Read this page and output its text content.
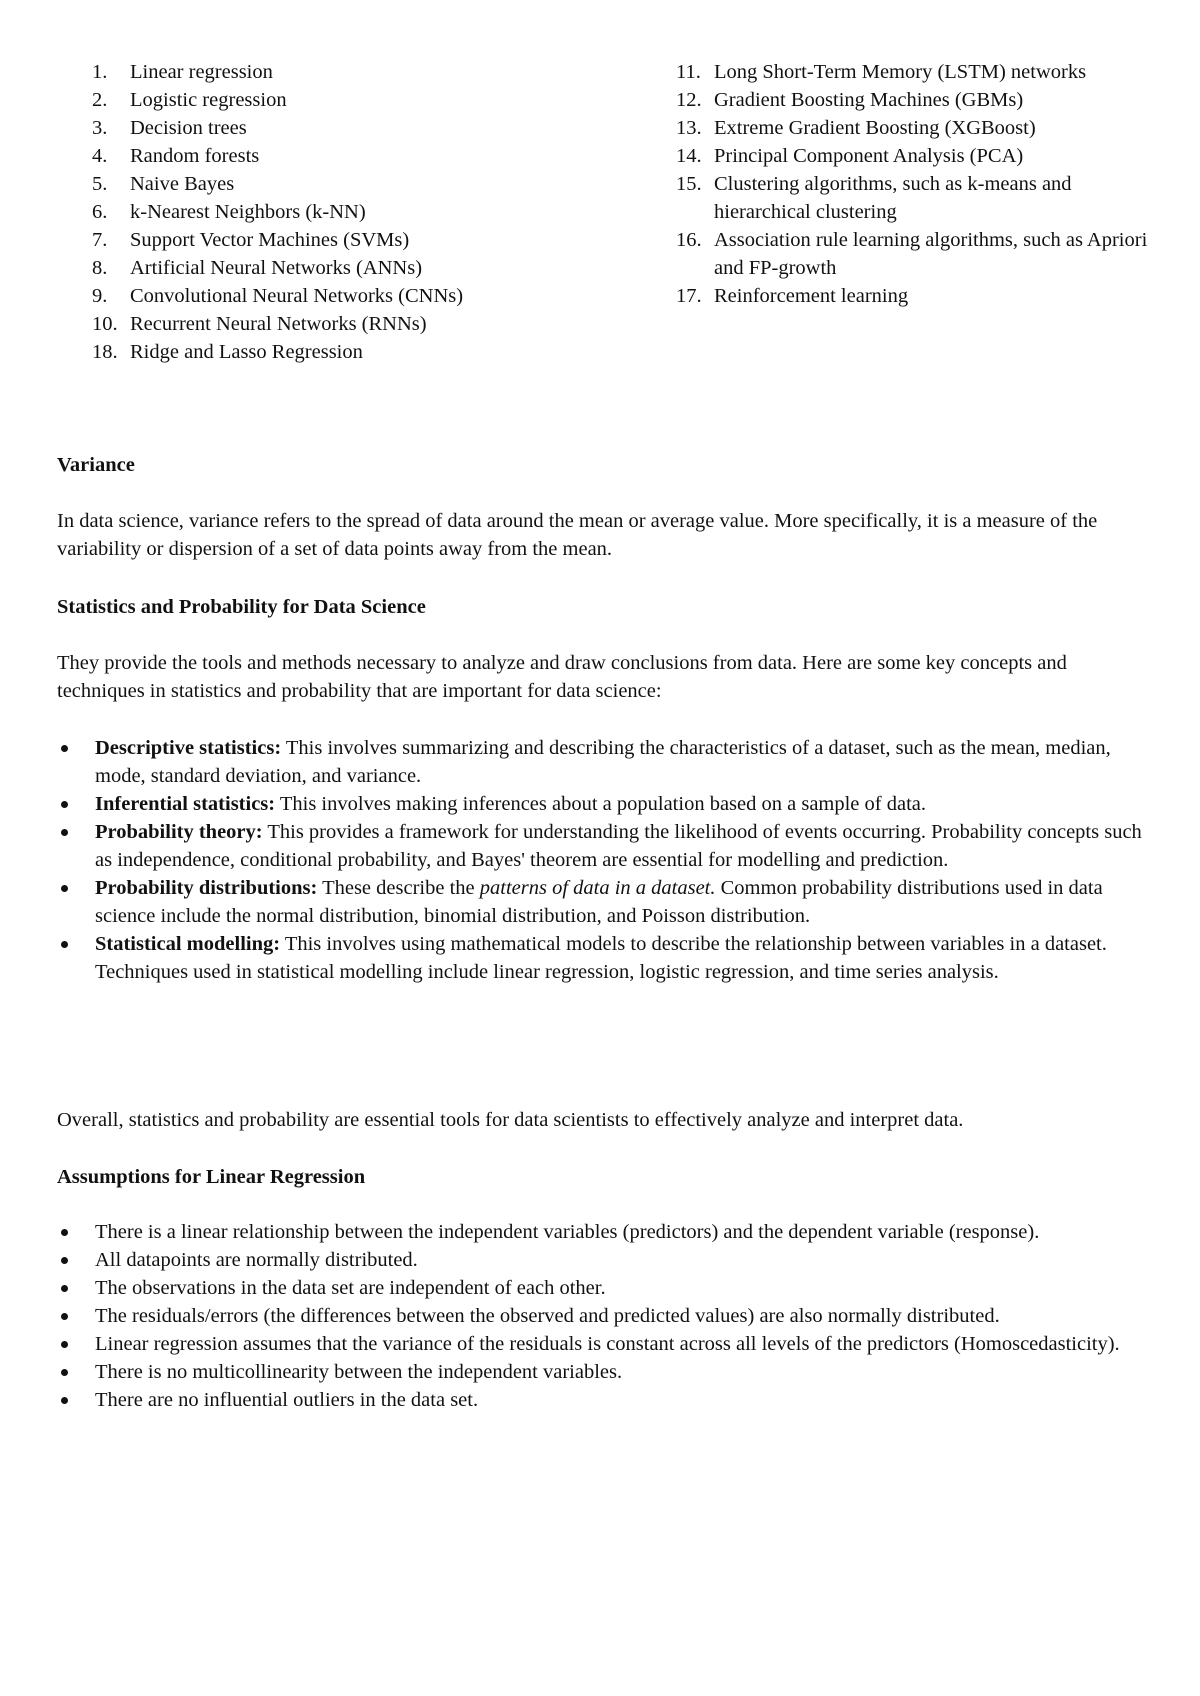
1.	Linear regression
2.	Logistic regression
3.	Decision trees
4.	Random forests
5.	Naive Bayes
6.	k-Nearest Neighbors (k-NN)
7.	Support Vector Machines (SVMs)
8.	Artificial Neural Networks (ANNs)
9.	Convolutional Neural Networks (CNNs)
10. Recurrent Neural Networks (RNNs)
18. Ridge and Lasso Regression
11. Long Short-Term Memory (LSTM) networks
12. Gradient Boosting Machines (GBMs)
13. Extreme Gradient Boosting (XGBoost)
14. Principal Component Analysis (PCA)
15. Clustering algorithms, such as k-means and hierarchical clustering
16. Association rule learning algorithms, such as Apriori and FP-growth
17. Reinforcement learning
Variance

In data science, variance refers to the spread of data around the mean or average value. More specifically, it is a measure of the variability or dispersion of a set of data points away from the mean.

Statistics and Probability for Data Science

They provide the tools and methods necessary to analyze and draw conclusions from data. Here are some key concepts and techniques in statistics and probability that are important for data science:

Descriptive statistics: This involves summarizing and describing the characteristics of a dataset, such as the mean, median, mode, standard deviation, and variance.
Inferential statistics: This involves making inferences about a population based on a sample of data.
Probability theory: This provides a framework for understanding the likelihood of events occurring. Probability concepts such as independence, conditional probability, and Bayes' theorem are essential for modelling and prediction.
Probability distributions: These describe the patterns of data in a dataset. Common probability distributions used in data science include the normal distribution, binomial distribution, and Poisson distribution.
Statistical modelling: This involves using mathematical models to describe the relationship between variables in a dataset. Techniques used in statistical modelling include linear regression, logistic regression, and time series analysis.

Overall, statistics and probability are essential tools for data scientists to effectively analyze and interpret data.

Assumptions for Linear Regression
There is a linear relationship between the independent variables (predictors) and the dependent variable (response).
All datapoints are normally distributed.
The observations in the data set are independent of each other.
The residuals/errors (the differences between the observed and predicted values) are also normally distributed.
Linear regression assumes that the variance of the residuals is constant across all levels of the predictors (Homoscedasticity).
There is no multicollinearity between the independent variables.
There are no influential outliers in the data set.
